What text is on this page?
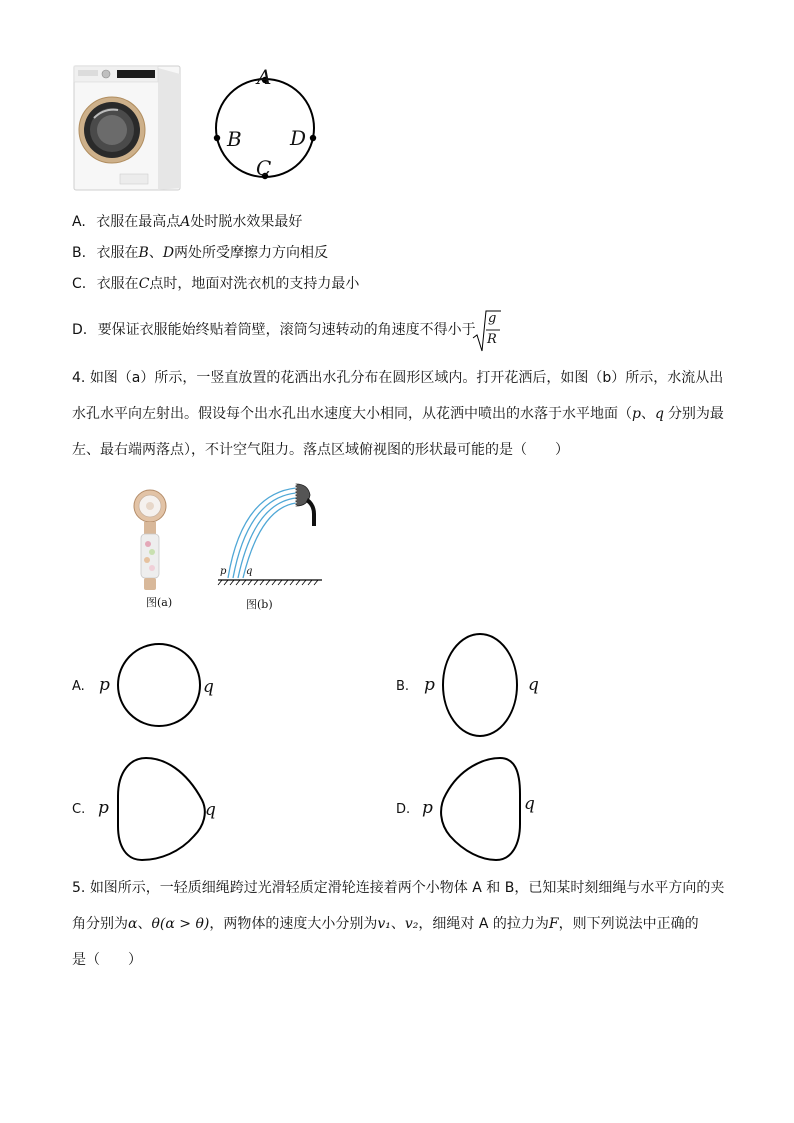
A
B D
C
A. 衣服在最高点A处时脱水效果最好
B. 衣服在B、D两处所受摩擦力方向相反
C. 衣服在C点时，地面对洗衣机的支持力最小
D. 要保证衣服能始终贴着筒壁，滚筒匀速转动的角速度不得小于
g
R
4. 如图（a）所示，一竖直放置的花洒出水孔分布在圆形区域内。打开花洒后，如图（b）所示，水流从出
水孔水平向左射出。假设每个出水孔出水速度大小相同，从花洒中喷出的水落于水平地面（p、q 分别为最
左、最右端两落点），不计空气阻力。落点区域俯视图的形状最可能的是（　　）
图(a)
p q
图(b)
A. p	q	B. p	q
C. p	q	D. p	q
5. 如图所示，一轻质细绳跨过光滑轻质定滑轮连接着两个小物体 A 和 B，已知某时刻细绳与水平方向的夹
角分别为α、θ(α > θ)，两物体的速度大小分别为v₁、v₂，细绳对 A 的拉力为F，则下列说法中正确的
是（　　）
